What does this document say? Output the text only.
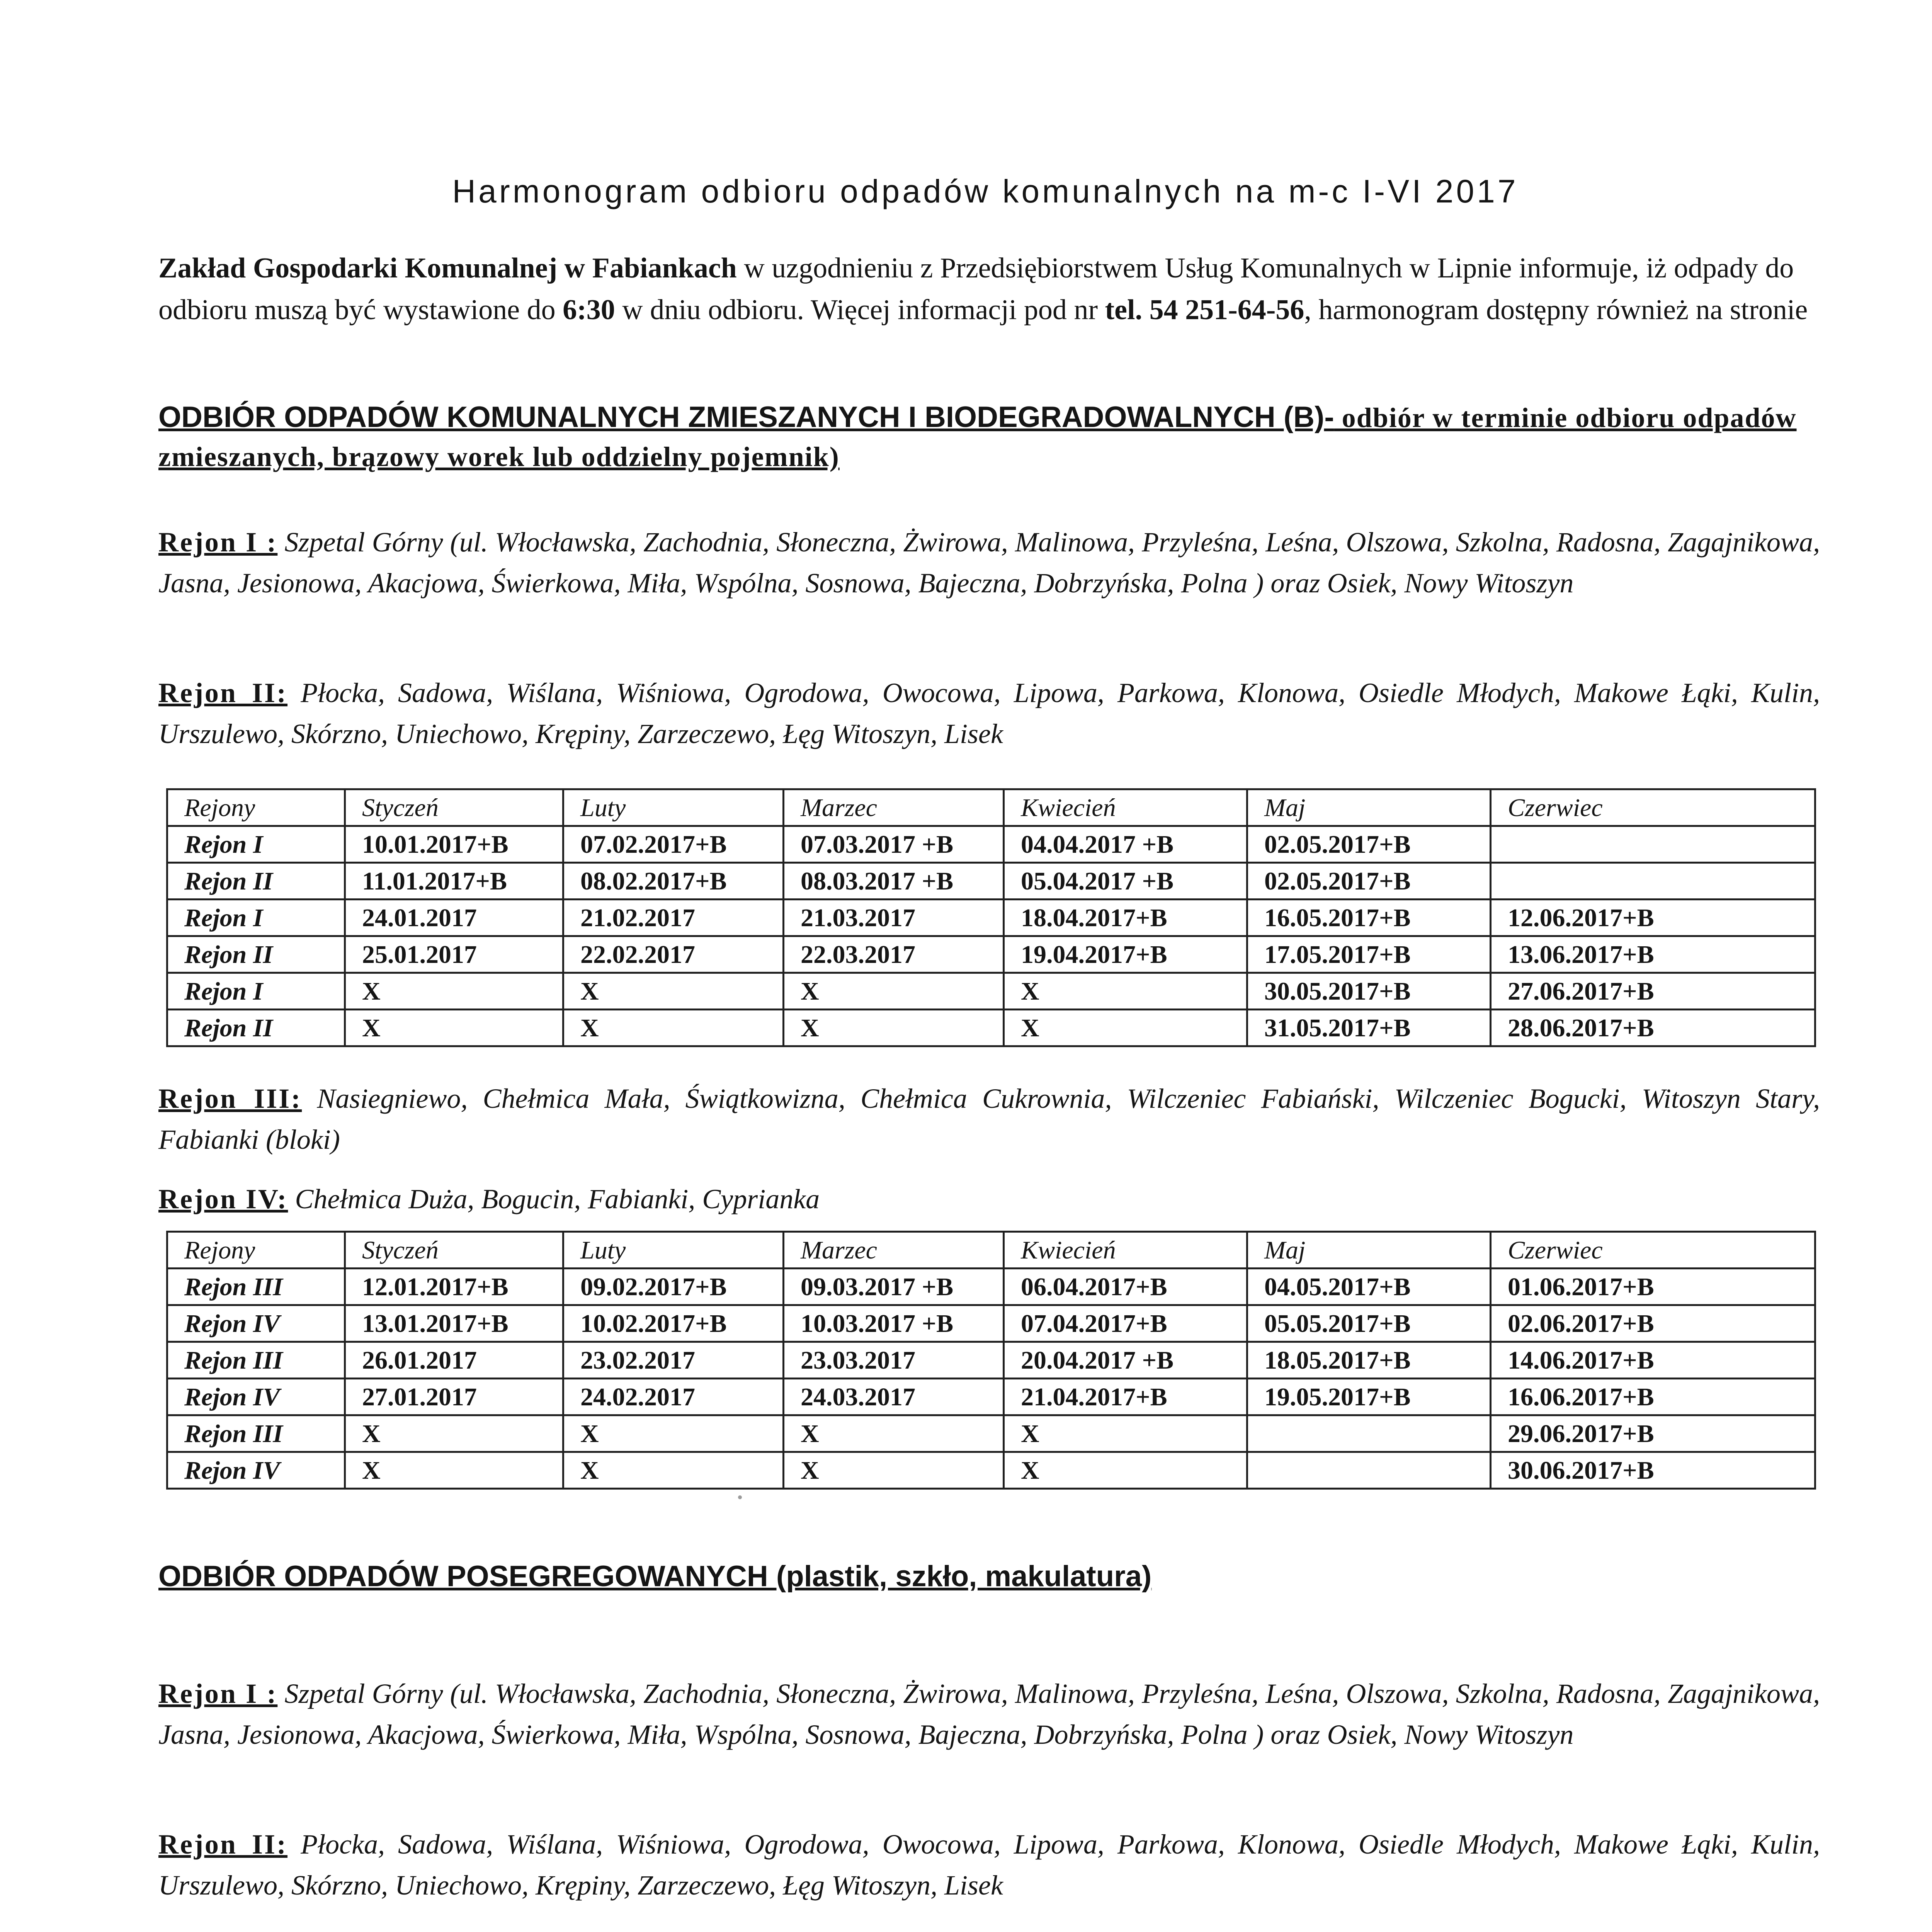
Harmonogram odbioru odpadów komunalnych na m-c I-VI 2017
Zakład Gospodarki Komunalnej w Fabiankach w uzgodnieniu z Przedsiębiorstwem Usług Komunalnych w Lipnie informuje, iż odpady do odbioru muszą być wystawione do 6:30 w dniu odbioru. Więcej informacji pod nr tel. 54 251-64-56, harmonogram dostępny również na stronie
ODBIÓR ODPADÓW KOMUNALNYCH ZMIESZANYCH I BIODEGRADOWALNYCH (B)- odbiór w terminie odbioru odpadów zmieszanych, brązowy worek lub oddzielny pojemnik)
Rejon I : Szpetal Górny (ul. Włocławska, Zachodnia, Słoneczna, Żwirowa, Malinowa, Przyleśna, Leśna, Olszowa, Szkolna, Radosna, Zagajnikowa, Jasna, Jesionowa, Akacjowa, Świerkowa, Miła, Wspólna, Sosnowa, Bajeczna, Dobrzyńska, Polna ) oraz Osiek, Nowy Witoszyn
Rejon II: Płocka, Sadowa, Wiślana, Wiśniowa, Ogrodowa, Owocowa, Lipowa, Parkowa, Klonowa, Osiedle Młodych, Makowe Łąki, Kulin, Urszulewo, Skórzno, Uniechowo, Krępiny, Zarzeczewo, Łęg Witoszyn, Lisek
Rejony	Styczeń	Luty	Marzec	Kwiecień	Maj	Czerwiec
Rejon I	10.01.2017+B	07.02.2017+B	07.03.2017 +B	04.04.2017 +B	02.05.2017+B	
Rejon II	11.01.2017+B	08.02.2017+B	08.03.2017 +B	05.04.2017 +B	02.05.2017+B	
Rejon I	24.01.2017	21.02.2017	21.03.2017	18.04.2017+B	16.05.2017+B	12.06.2017+B
Rejon II	25.01.2017	22.02.2017	22.03.2017	19.04.2017+B	17.05.2017+B	13.06.2017+B
Rejon I	X	X	X	X	30.05.2017+B	27.06.2017+B
Rejon II	X	X	X	X	31.05.2017+B	28.06.2017+B
Rejon III: Nasiegniewo, Chełmica Mała, Świątkowizna, Chełmica Cukrownia, Wilczeniec Fabiański, Wilczeniec Bogucki, Witoszyn Stary, Fabianki (bloki)
Rejon IV: Chełmica Duża, Bogucin, Fabianki, Cyprianka
Rejony	Styczeń	Luty	Marzec	Kwiecień	Maj	Czerwiec
Rejon III	12.01.2017+B	09.02.2017+B	09.03.2017 +B	06.04.2017+B	04.05.2017+B	01.06.2017+B
Rejon IV	13.01.2017+B	10.02.2017+B	10.03.2017 +B	07.04.2017+B	05.05.2017+B	02.06.2017+B
Rejon III	26.01.2017	23.02.2017	23.03.2017	20.04.2017 +B	18.05.2017+B	14.06.2017+B
Rejon IV	27.01.2017	24.02.2017	24.03.2017	21.04.2017+B	19.05.2017+B	16.06.2017+B
Rejon III	X	X	X	X		29.06.2017+B
Rejon IV	X	X	X	X		30.06.2017+B
ODBIÓR ODPADÓW POSEGREGOWANYCH (plastik, szkło, makulatura)
Rejon I : Szpetal Górny (ul. Włocławska, Zachodnia, Słoneczna, Żwirowa, Malinowa, Przyleśna, Leśna, Olszowa, Szkolna, Radosna, Zagajnikowa, Jasna, Jesionowa, Akacjowa, Świerkowa, Miła, Wspólna, Sosnowa, Bajeczna, Dobrzyńska, Polna ) oraz Osiek, Nowy Witoszyn
Rejon II: Płocka, Sadowa, Wiślana, Wiśniowa, Ogrodowa, Owocowa, Lipowa, Parkowa, Klonowa, Osiedle Młodych, Makowe Łąki, Kulin, Urszulewo, Skórzno, Uniechowo, Krępiny, Zarzeczewo, Łęg Witoszyn, Lisek
